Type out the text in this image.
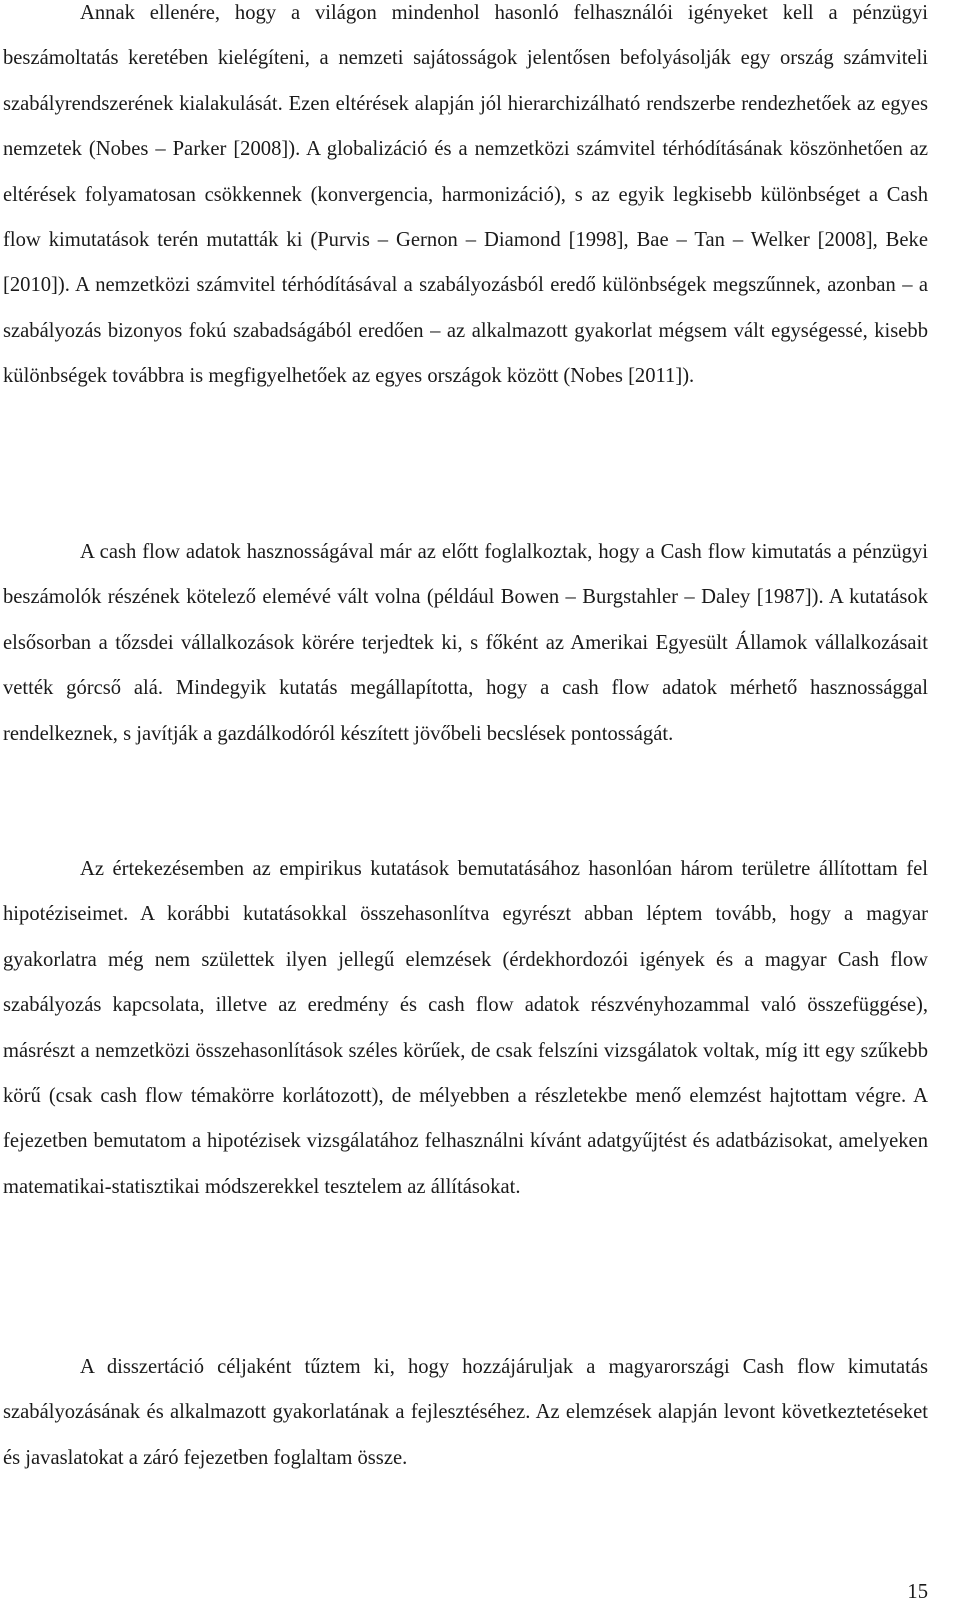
Annak ellenére, hogy a világon mindenhol hasonló felhasználói igényeket kell a pénzügyi beszámoltatás keretében kielégíteni, a nemzeti sajátosságok jelentősen befolyásolják egy ország számviteli szabályrendszerének kialakulását. Ezen eltérések alapján jól hierarchizálható rendszerbe rendezhetőek az egyes nemzetek (Nobes – Parker [2008]). A globalizáció és a nemzetközi számvitel térhódításának köszönhetően az eltérések folyamatosan csökkennek (konvergencia, harmonizáció), s az egyik legkisebb különbséget a Cash flow kimutatások terén mutatták ki (Purvis – Gernon – Diamond [1998], Bae – Tan – Welker [2008], Beke [2010]). A nemzetközi számvitel térhódításával a szabályozásból eredő különbségek megszűnnek, azonban – a szabályozás bizonyos fokú szabadságából eredően – az alkalmazott gyakorlat mégsem vált egységessé, kisebb különbségek továbbra is megfigyelhetőek az egyes országok között (Nobes [2011]).

A cash flow adatok hasznosságával már az előtt foglalkoztak, hogy a Cash flow kimutatás a pénzügyi beszámolók részének kötelező elemévé vált volna (például Bowen – Burgstahler – Daley [1987]). A kutatások elsősorban a tőzsdei vállalkozások körére terjedtek ki, s főként az Amerikai Egyesült Államok vállalkozásait vették górcső alá. Mindegyik kutatás megállapította, hogy a cash flow adatok mérhető hasznossággal rendelkeznek, s javítják a gazdálkodóról készített jövőbeli becslések pontosságát.

Az értekezésemben az empirikus kutatások bemutatásához hasonlóan három területre állítottam fel hipotéziseimet. A korábbi kutatásokkal összehasonlítva egyrészt abban léptem tovább, hogy a magyar gyakorlatra még nem születtek ilyen jellegű elemzések (érdekhordozói igények és a magyar Cash flow szabályozás kapcsolata, illetve az eredmény és cash flow adatok részvényhozammal való összefüggése), másrészt a nemzetközi összehasonlítások széles körűek, de csak felszíni vizsgálatok voltak, míg itt egy szűkebb körű (csak cash flow témakörre korlátozott), de mélyebben a részletekbe menő elemzést hajtottam végre. A fejezetben bemutatom a hipotézisek vizsgálatához felhasználni kívánt adatgyűjtést és adatbázisokat, amelyeken matematikai-statisztikai módszerekkel tesztelem az állításokat.

A disszertáció céljaként tűztem ki, hogy hozzájáruljak a magyarországi Cash flow kimutatás szabályozásának és alkalmazott gyakorlatának a fejlesztéséhez. Az elemzések alapján levont következtetéseket és javaslatokat a záró fejezetben foglaltam össze.

15
